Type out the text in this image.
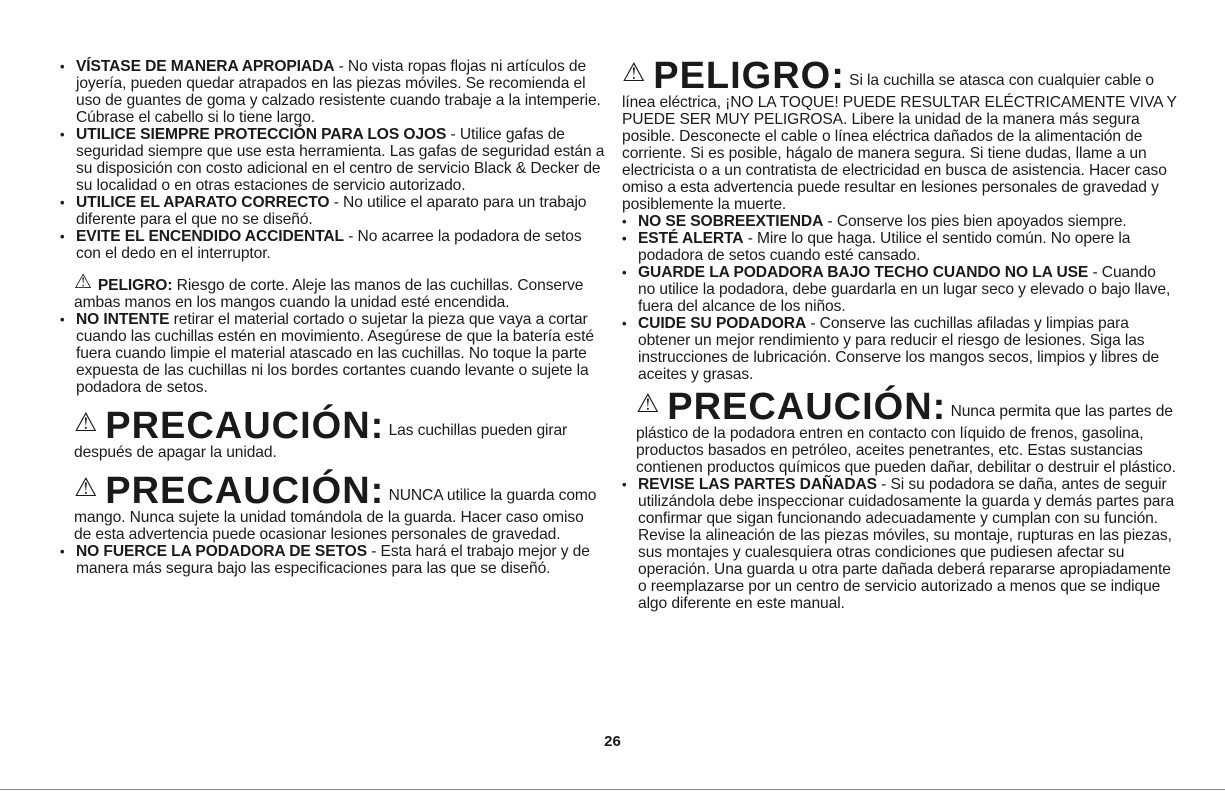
• VÍSTASE DE MANERA APROPIADA - No vista ropas flojas ni artículos de joyería, pueden quedar atrapados en las piezas móviles. Se recomienda el uso de guantes de goma y calzado resistente cuando trabaje a la intemperie. Cúbrase el cabello si lo tiene largo.

• UTILICE SIEMPRE PROTECCIÓN PARA LOS OJOS - Utilice gafas de seguridad siempre que use esta herramienta. Las gafas de seguridad están a su disposición con costo adicional en el centro de servicio Black & Decker de su localidad o en otras estaciones de servicio autorizado.

• UTILICE EL APARATO CORRECTO - No utilice el aparato para un trabajo diferente para el que no se diseñó.

• EVITE EL ENCENDIDO ACCIDENTAL - No acarree la podadora de setos con el dedo en el interruptor.

⚠ PELIGRO: Riesgo de corte. Aleje las manos de las cuchillas. Conserve ambas manos en los mangos cuando la unidad esté encendida.

• NO INTENTE retirar el material cortado o sujetar la pieza que vaya a cortar cuando las cuchillas estén en movimiento. Asegúrese de que la batería esté fuera cuando limpie el material atascado en las cuchillas. No toque la parte expuesta de las cuchillas ni los bordes cortantes cuando levante o sujete la podadora de setos.

⚠ PRECAUCIÓN: Las cuchillas pueden girar después de apagar la unidad.

⚠ PRECAUCIÓN: NUNCA utilice la guarda como mango. Nunca sujete la unidad tomándola de la guarda. Hacer caso omiso de esta advertencia puede ocasionar lesiones personales de gravedad.

• NO FUERCE LA PODADORA DE SETOS - Esta hará el trabajo mejor y de manera más segura bajo las especificaciones para las que se diseñó.

⚠ PELIGRO: Si la cuchilla se atasca con cualquier cable o línea eléctrica, ¡NO LA TOQUE! PUEDE RESULTAR ELÉCTRICAMENTE VIVA Y PUEDE SER MUY PELIGROSA. Libere la unidad de la manera más segura posible. Desconecte el cable o línea eléctrica dañados de la alimentación de corriente. Si es posible, hágalo de manera segura. Si tiene dudas, llame a un electricista o a un contratista de electricidad en busca de asistencia. Hacer caso omiso a esta advertencia puede resultar en lesiones personales de gravedad y posiblemente la muerte.

• NO SE SOBREEXTIENDA - Conserve los pies bien apoyados siempre.

• ESTÉ ALERTA - Mire lo que haga. Utilice el sentido común. No opere la podadora de setos cuando esté cansado.

• GUARDE LA PODADORA BAJO TECHO CUANDO NO LA USE - Cuando no utilice la podadora, debe guardarla en un lugar seco y elevado o bajo llave, fuera del alcance de los niños.

• CUIDE SU PODADORA - Conserve las cuchillas afiladas y limpias para obtener un mejor rendimiento y para reducir el riesgo de lesiones. Siga las instrucciones de lubricación. Conserve los mangos secos, limpios y libres de aceites y grasas.

⚠ PRECAUCIÓN: Nunca permita que las partes de plástico de la podadora entren en contacto con líquido de frenos, gasolina, productos basados en petróleo, aceites penetrantes, etc. Estas sustancias contienen productos químicos que pueden dañar, debilitar o destruir el plástico.

• REVISE LAS PARTES DAÑADAS - Si su podadora se daña, antes de seguir utilizándola debe inspeccionar cuidadosamente la guarda y demás partes para confirmar que sigan funcionando adecuadamente y cumplan con su función. Revise la alineación de las piezas móviles, su montaje, rupturas en las piezas, sus montajes y cualesquiera otras condiciones que pudiesen afectar su operación. Una guarda u otra parte dañada deberá repararse apropiadamente o reemplazarse por un centro de servicio autorizado a menos que se indique algo diferente en este manual.

26
